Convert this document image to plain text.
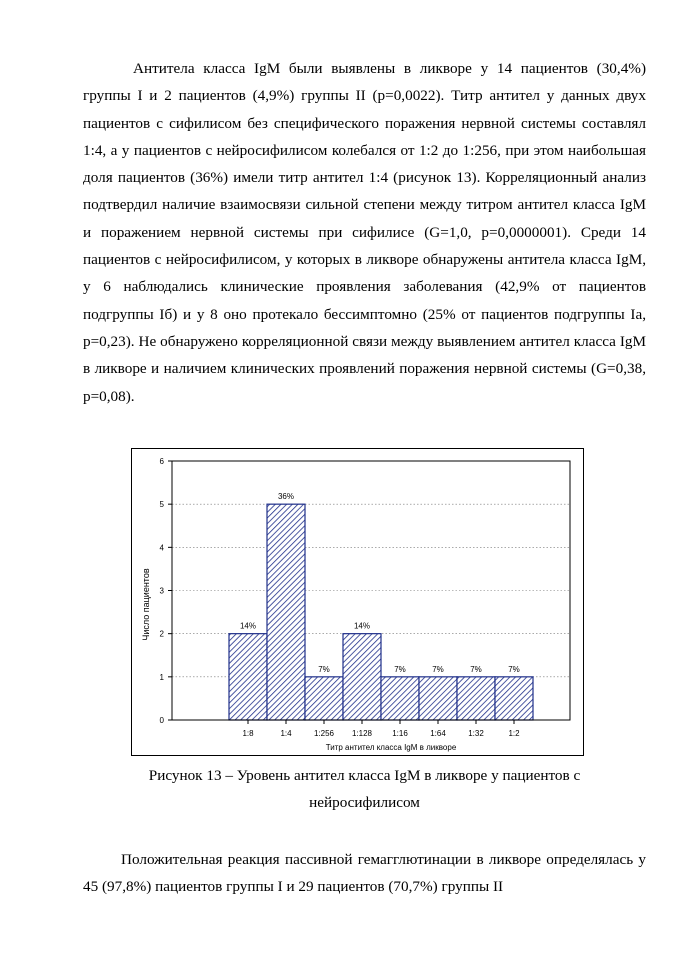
Антитела класса IgM были выявлены в ликворе у 14 пациентов (30,4%) группы I и 2 пациентов (4,9%) группы II (p=0,0022). Титр антител у данных двух пациентов с сифилисом без специфического поражения нервной системы составлял 1:4, а у пациентов с нейросифилисом колебался от 1:2 до 1:256, при этом наибольшая доля пациентов (36%) имели титр антител 1:4 (рисунок 13). Корреляционный анализ подтвердил наличие взаимосвязи сильной степени между титром антител класса IgM и поражением нервной системы при сифилисе (G=1,0, p=0,0000001). Среди 14 пациентов с нейросифилисом, у которых в ликворе обнаружены антитела класса IgM, у 6 наблюдались клинические проявления заболевания (42,9% от пациентов подгруппы Iб) и у 8 оно протекало бессимптомно (25% от пациентов подгруппы Iа, p=0,23). Не обнаружено корреляционной связи между выявлением антител класса IgM в ликворе и наличием клинических проявлений поражения нервной системы (G=0,38, p=0,08).

14%
36%
7%
14%
7%	7%	7%	7%
0
1
2
3
4
5
6
1:8	1:4	1:256 1:128	1:16	1:64	1:32	1:2
Титр антител класса IgM в ликворе
Число пациентов

Рисунок 13 – Уровень антител класса IgM в ликворе у пациентов с
нейросифилисом

Положительная реакция пассивной гемагглютинации в ликворе определялась у 45 (97,8%) пациентов группы I и 29 пациентов (70,7%) группы II
